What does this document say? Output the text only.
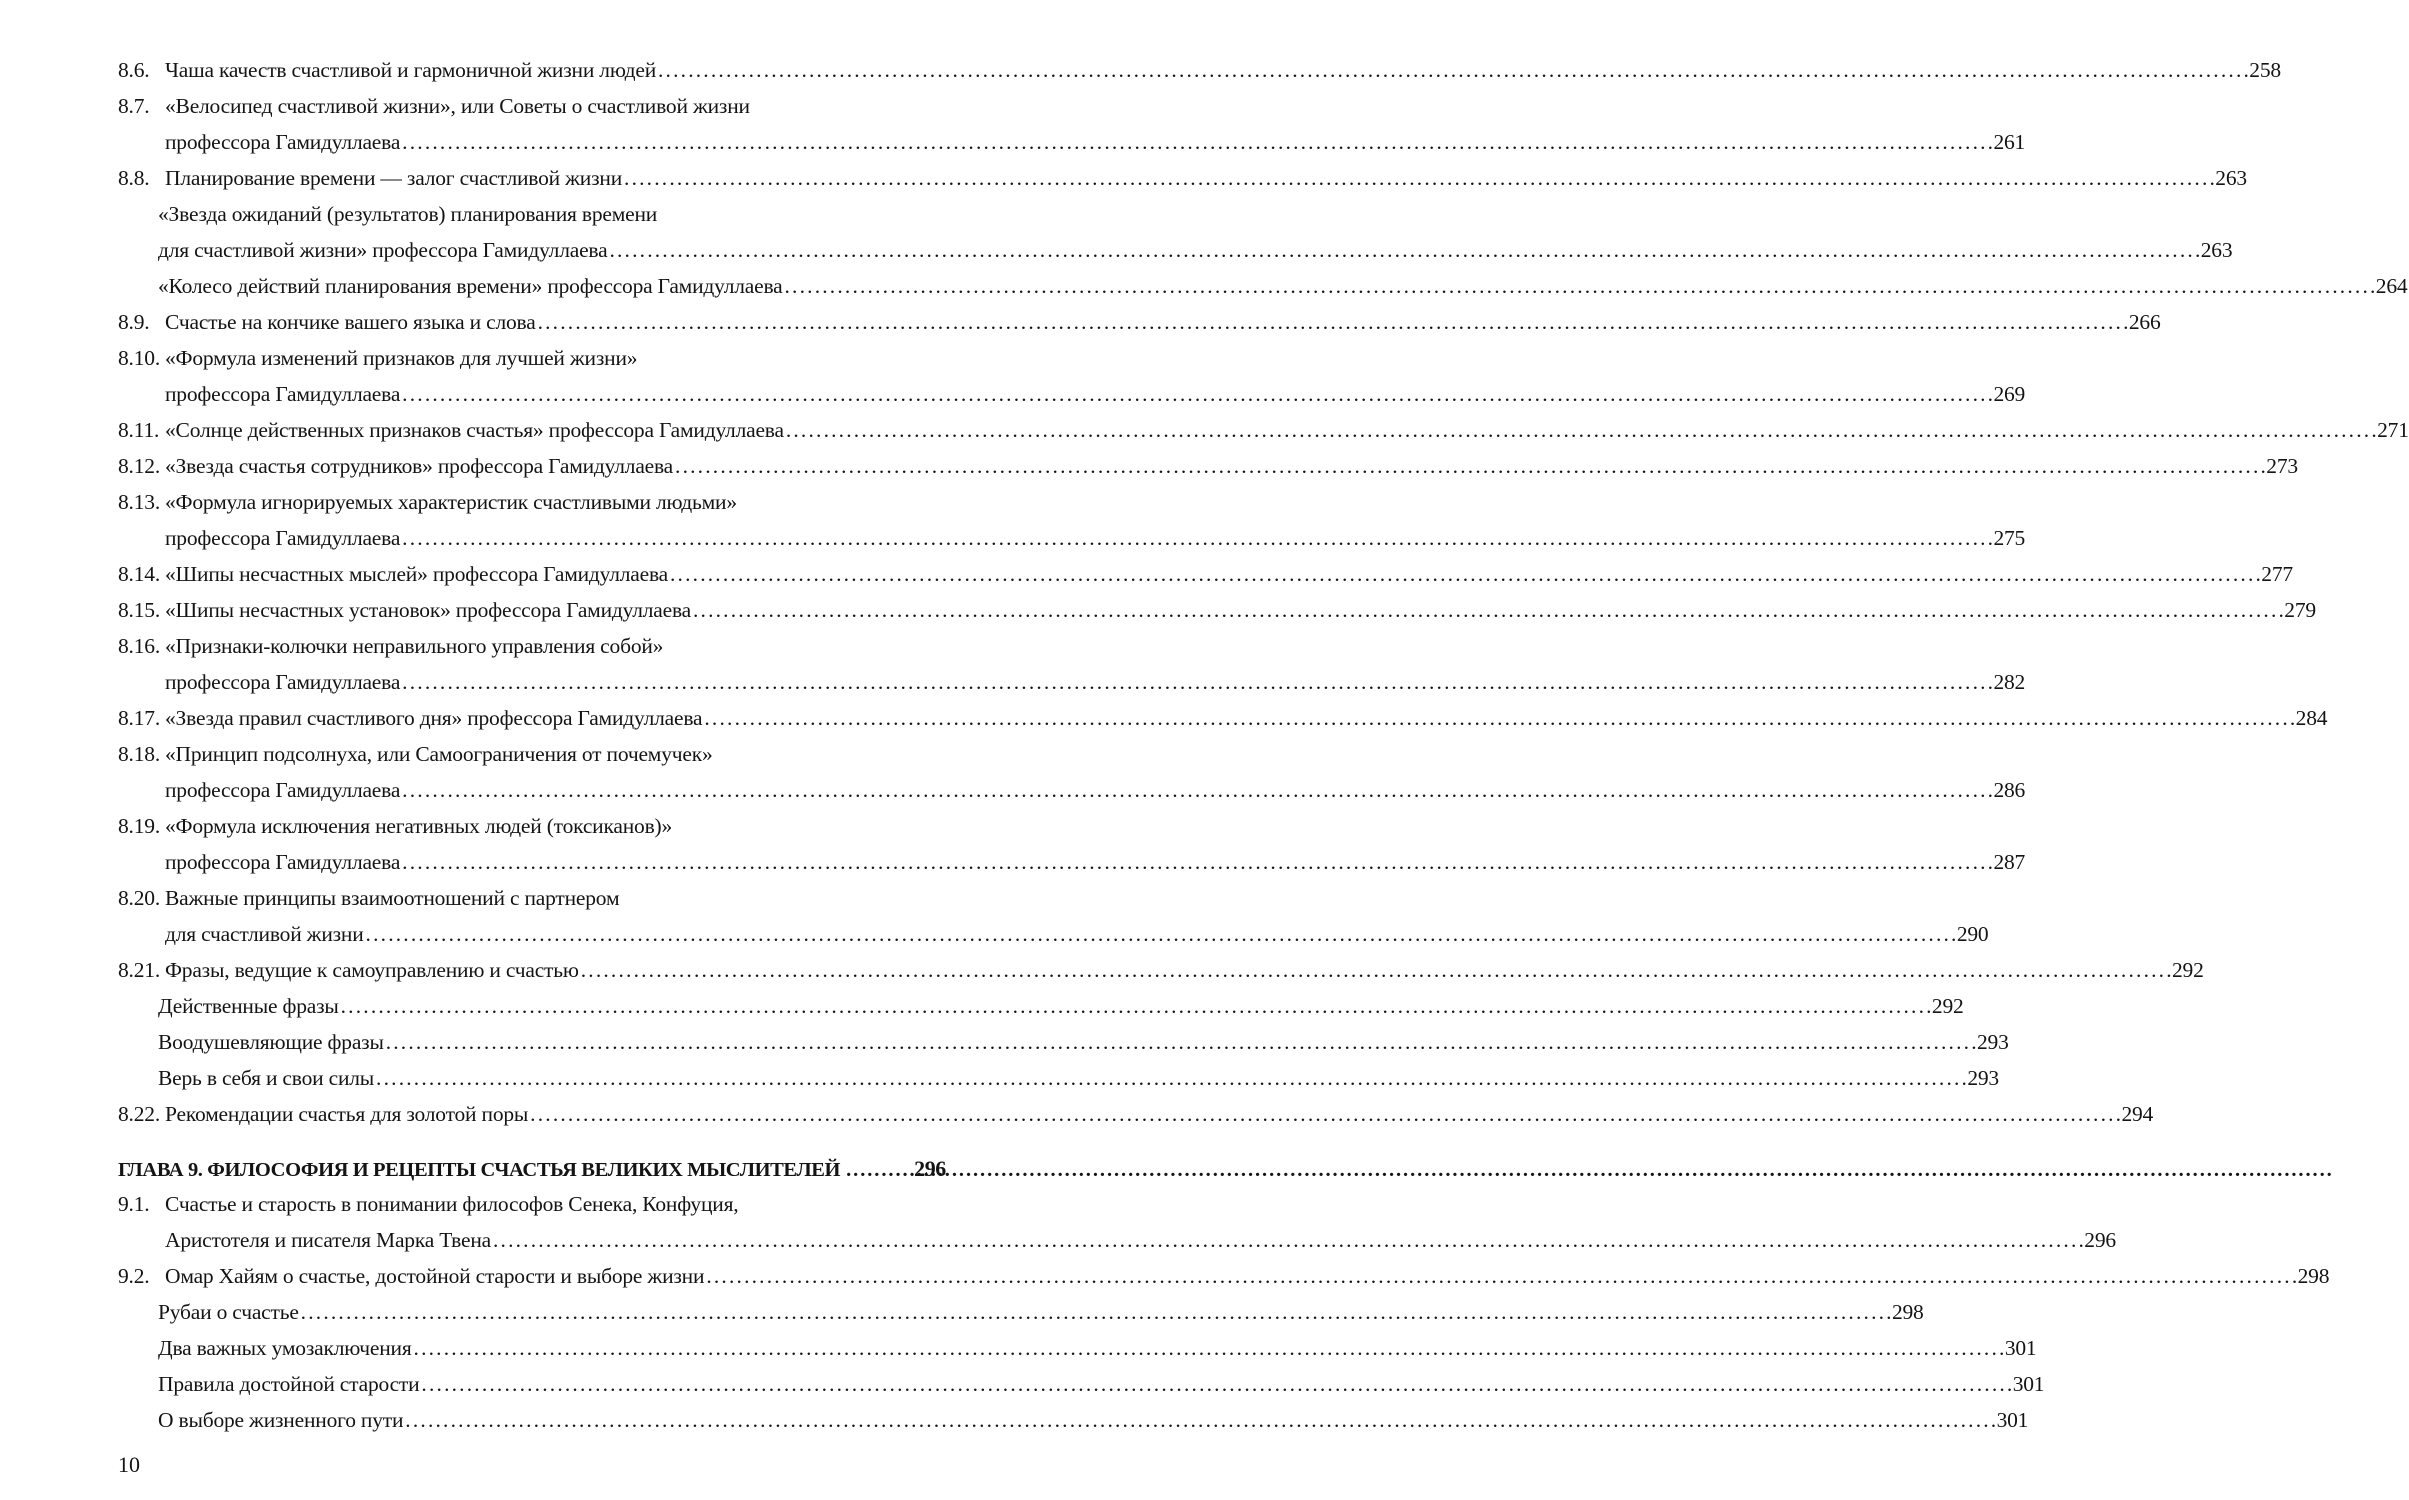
8.6. Чаша качеств счастливой и гармоничной жизни людей . . .	258
8.7. «Велосипед счастливой жизни», или Советы о счастливой жизни
профессора Гамидуллаева . . .	261
8.8. Планирование времени — залог счастливой жизни . . .	263
«Звезда ожиданий (результатов) планирования времени
для счастливой жизни» профессора Гамидуллаева . . .	263
«Колесо действий планирования времени» профессора Гамидуллаева . . .	264
8.9. Счастье на кончике вашего языка и слова . . .	266
8.10. «Формула изменений признаков для лучшей жизни»
профессора Гамидуллаева . . .	269
8.11. «Солнце действенных признаков счастья» профессора Гамидуллаева . . .	271
8.12. «Звезда счастья сотрудников» профессора Гамидуллаева . . .	273
8.13. «Формула игнорируемых характеристик счастливыми людьми»
профессора Гамидуллаева . . .	275
8.14. «Шипы несчастных мыслей» профессора Гамидуллаева . . .	277
8.15. «Шипы несчастных установок» профессора Гамидуллаева . . .	279
8.16. «Признаки-колючки неправильного управления собой»
профессора Гамидуллаева . . .	282
8.17. «Звезда правил счастливого дня» профессора Гамидуллаева . . .	284
8.18. «Принцип подсолнуха, или Самоограничения от почемучек»
профессора Гамидуллаева . . .	286
8.19. «Формула исключения негативных людей (токсиканов)»
профессора Гамидуллаева . . .	287
8.20. Важные принципы взаимоотношений с партнером
для счастливой жизни . . .	290
8.21. Фразы, ведущие к самоуправлению и счастью . . .	292
Действенные фразы . . .	292
Воодушевляющие фразы . . .	293
Верь в себя и свои силы . . .	293
8.22. Рекомендации счастья для золотой поры . . .	294
ГЛАВА 9. ФИЛОСОФИЯ И РЕЦЕПТЫ СЧАСТЬЯ ВЕЛИКИХ МЫСЛИТЕЛЕЙ . . .	296
9.1. Счастье и старость в понимании философов Сенека, Конфуция,
Аристотеля и писателя Марка Твена . . .	296
9.2. Омар Хайям о счастье, достойной старости и выборе жизни . . .	298
Рубаи о счастье . . .	298
Два важных умозаключения . . .	301
Правила достойной старости . . .	301
О выборе жизненного пути . . .	301
10
